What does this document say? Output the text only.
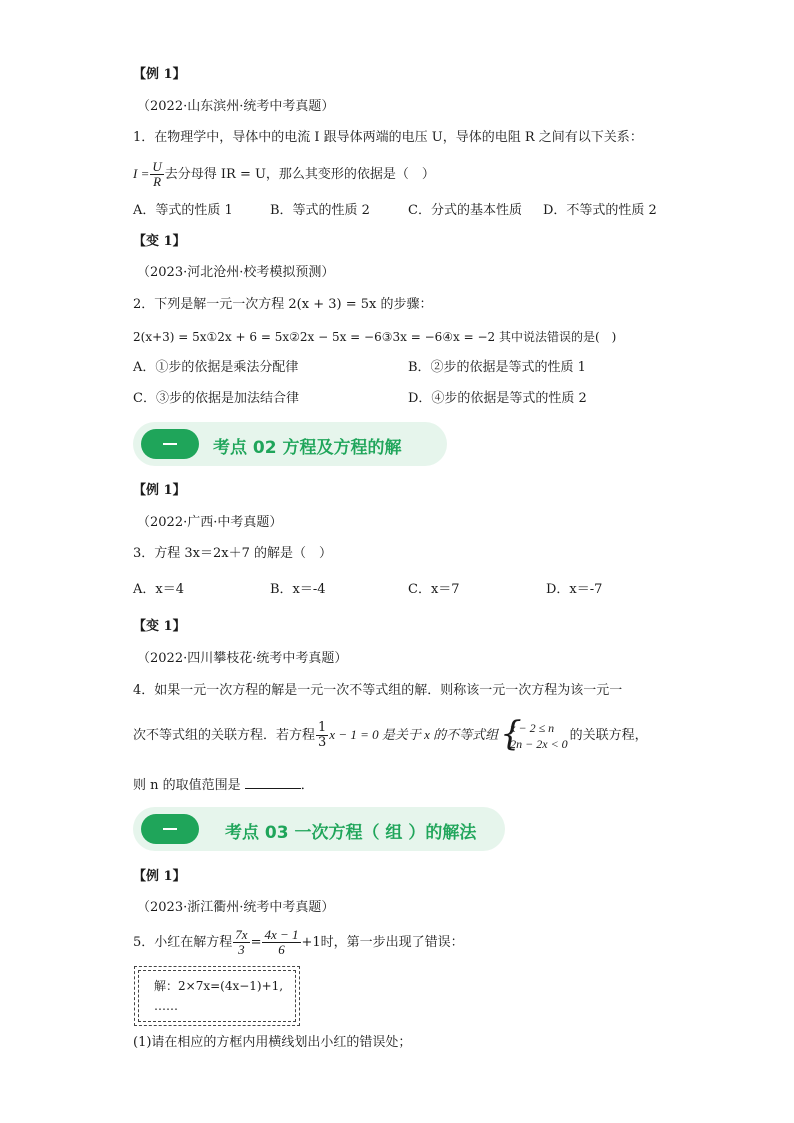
【例 1】
（2022·山东滨州·统考中考真题）
1．在物理学中，导体中的电流 I 跟导体两端的电压 U，导体的电阻 R 之间有以下关系：
$I = \frac{U}{R}$ 去分母得 IR = U，那么其变形的依据是（　）
A．等式的性质 1	B．等式的性质 2	C．分式的基本性质 D．不等式的性质 2
【变 1】
（2023·河北沧州·校考模拟预测）
2．下列是解一元一次方程 2(x + 3) = 5x 的步骤：
2(x+3) = 5x①2x + 6 = 5x②2x − 5x = −6③3x = −6④x = −2 其中说法错误的是(　)
A．①步的依据是乘法分配律	B．②步的依据是等式的性质 1
C．③步的依据是加法结合律	D．④步的依据是等式的性质 2
考点 02 方程及方程的解
【例 1】
（2022·广西·中考真题）
3．方程 3x＝2x＋7 的解是（　）
A．x＝4	B．x＝-4	C．x＝7	D．x＝-7
【变 1】
（2022·四川攀枝花·统考中考真题）
4．如果一元一次方程的解是一元一次不等式组的解．则称该一元一次方程为该一元一
次不等式组的关联方程．若方程 $\frac{1}{3}$ x − 1 = 0 是关于 x 的不等式组 {
x − 2 ≤ n
2n − 2x < 0
的关联方程，
则 n 的取值范围是	．
考点 03 一次方程（ 组 ）的解法
【例 1】
（2023·浙江衢州·统考中考真题）
5．小红在解方程 $\frac{7x}{3} = \frac{4x - 1}{6} +1$时，第一步出现了错误：
解：2×7x=(4x−1)+1,
……
(1)请在相应的方框内用横线划出小红的错误处；
